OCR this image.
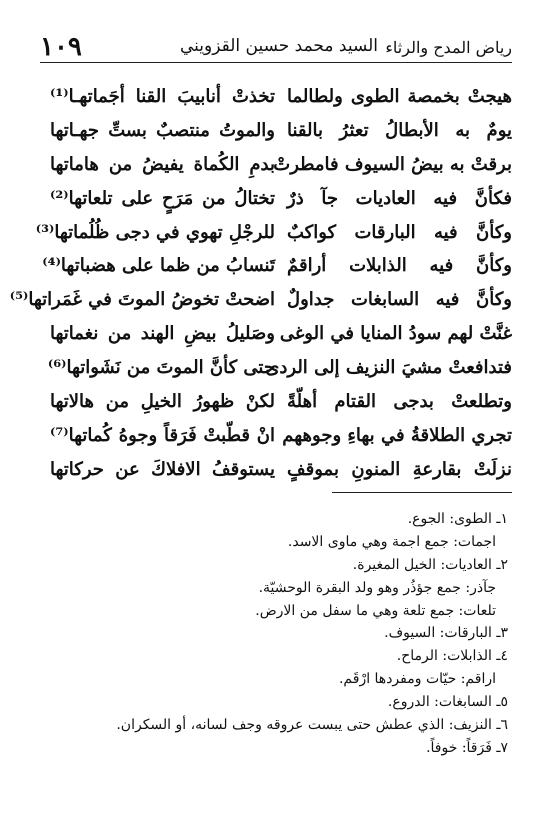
١٠٩	السيد محمد حسين القزويني رياض المدح والرثاء
هيجتْ بخمصة الطوى ولطالما
تخذتْ أنابيبَ القنا أجَماتهـا⁽¹⁾
يومٌ به الأبطالُ تعثرُ بالقنا
والموتُ منتصبٌ بستِّ جهـاتها
برقتْ به بيضُ السيوف فامطرتْ
بدمِ الكُماة يفيضُ من هاماتها
فكأنَّ فيه العاديات جآ ذرٌ
تختالُ من مَرَحٍ على تلعاتها⁽²⁾
وكأنَّ فيه البارقات كواكبٌ
للرجْلِ تهوي في دجى ظُلُماتها⁽³⁾
وكأنَّ فيه الذابلات أراقمٌ
تَنسابُ من ظما على هضباتها⁽⁴⁾
وكأنَّ فيه السابغات جداولٌ
اضحتْ تخوضُ الموتَ في غَمَراتها⁽⁵⁾
غنَّتْ لهم سودُ المنايا في الوغى
وصَليلُ بيضِ الهند من نغماتها
فتدافعتْ مشيَ النزيف إلى الردى
حتى كأنَّ الموتَ من نَشَواتها⁽⁶⁾
وتطلعتْ بدجى القتام أهلّةً
لكنْ ظهورُ الخيلِ من هالاتها
تجري الطلاقةُ في بهاءِ وجوههم
انْ قطّبتْ فَرَقاً وجوهُ كُماتها⁽⁷⁾
نزلَتْ بقارعةِ المنونِ بموقفٍ
يستوقفُ الافلاكَ عن حركاتها
١ـ الطوى: الجوع.
اجمات: جمع اجمة وهي ماوى الاسد.
٢ـ العاديات: الخيل المغيرة.
جآذر: جمع جؤذُر وهو ولد البقرة الوحشيّة.
تلعات: جمع تلعة وهي ما سفل من الارض.
٣ـ البارقات: السيوف.
٤ـ الذابلات: الرماح.
اراقم: حيّات ومفردها ارْقَم.
٥ـ السابغات: الدروع.
٦ـ النزيف: الذي عطش حتى يبست عروقه وجف لسانه، أو السكران.
٧ـ فَرَقاً: خوفاً.
